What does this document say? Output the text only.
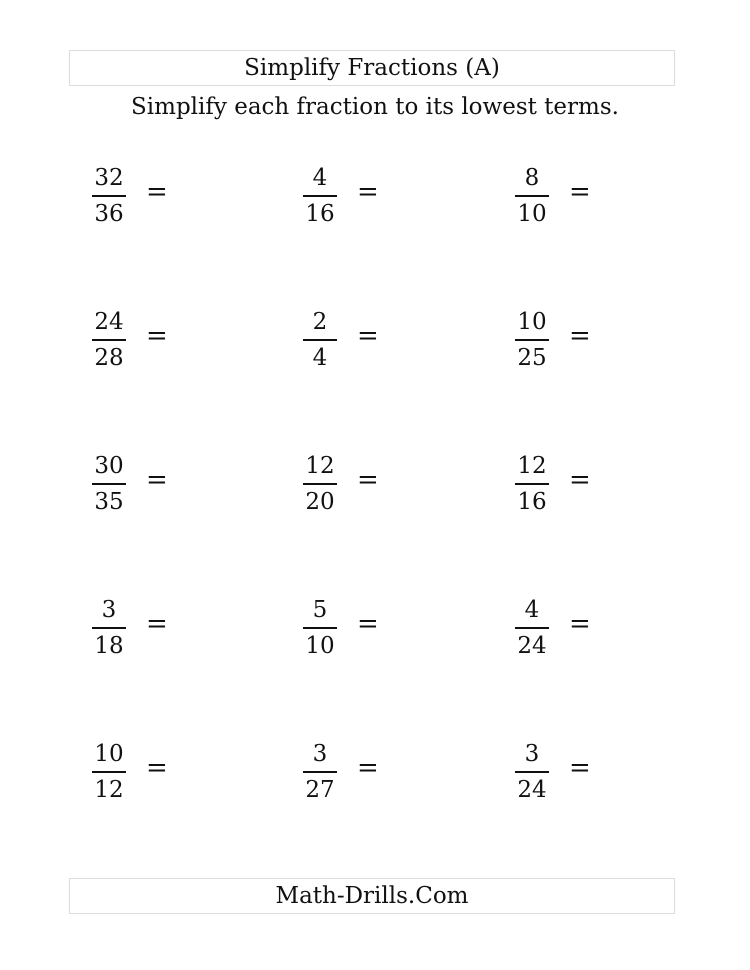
Simplify Fractions (A)
Simplify each fraction to its lowest terms.
32
36
=	4
16
=	8
10
=
24
28
=	2
4
=	10
25
=
30
35
=	12
20
=	12
16
=
3
18
=	5
10
=	4
24
=
10
12
=	3
27
=	3
24
=
Math-Drills.Com
